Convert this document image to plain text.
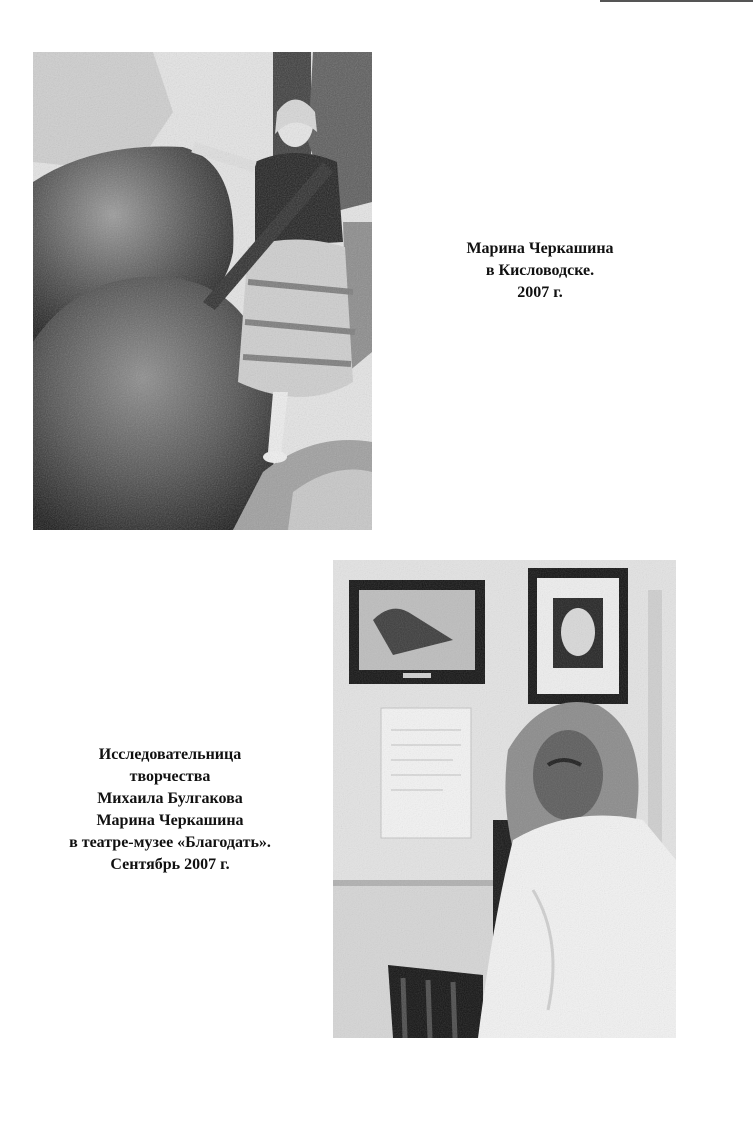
Марина Черкашина
в Кисловодске.
2007 г.
Исследовательница
творчества
Михаила Булгакова
Марина Черкашина
в театре-музее «Благодать».
Сентябрь 2007 г.
